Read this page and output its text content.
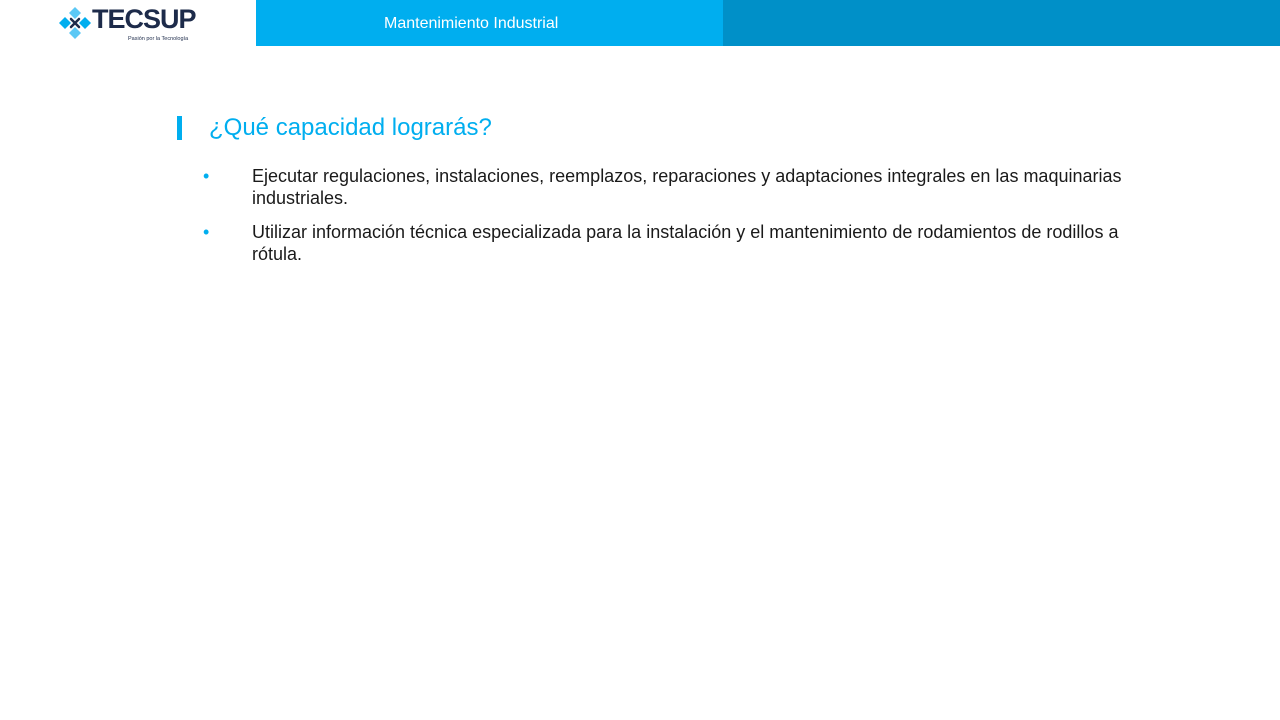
TECSUP
Pasión por la Tecnología
Mantenimiento Industrial
¿Qué capacidad lograrás?
• Ejecutar regulaciones, instalaciones, reemplazos, reparaciones y adaptaciones integrales en las maquinarias industriales.
• Utilizar información técnica especializada para la instalación y el mantenimiento de rodamientos de rodillos a rótula.
